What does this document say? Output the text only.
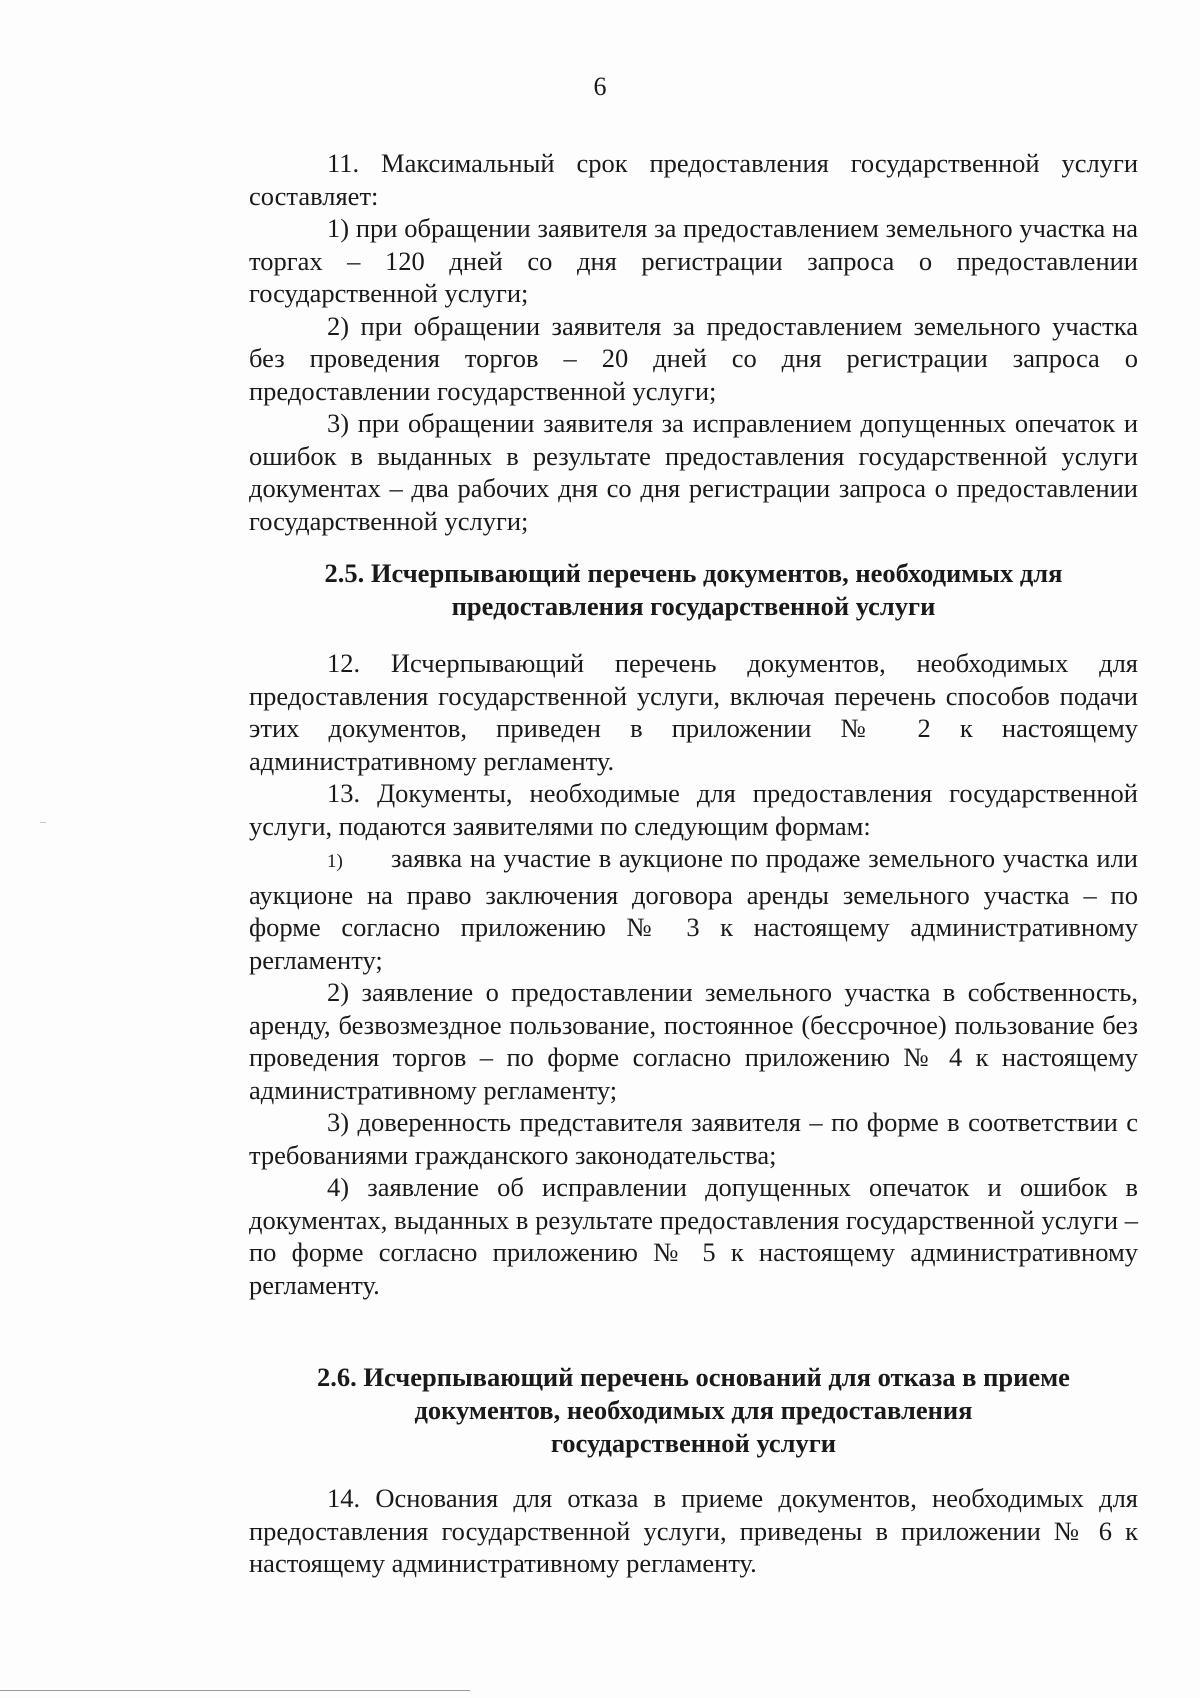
6

11. Максимальный срок предоставления государственной услуги составляет:

1) при обращении заявителя за предоставлением земельного участка на торгах – 120 дней со дня регистрации запроса о предоставлении государственной услуги;

2) при обращении заявителя за предоставлением земельного участка без проведения торгов – 20 дней со дня регистрации запроса о предоставлении государственной услуги;

3) при обращении заявителя за исправлением допущенных опечаток и ошибок в выданных в результате предоставления государственной услуги документах – два рабочих дня со дня регистрации запроса о предоставлении государственной услуги;

2.5. Исчерпывающий перечень документов, необходимых для
предоставления государственной услуги

12. Исчерпывающий перечень документов, необходимых для предоставления государственной услуги, включая перечень способов подачи этих документов, приведен в приложении № 2 к настоящему административному регламенту.

13. Документы, необходимые для предоставления государственной услуги, подаются заявителями по следующим формам:

1) заявка на участие в аукционе по продаже земельного участка или аукционе на право заключения договора аренды земельного участка – по форме согласно приложению № 3 к настоящему административному регламенту;

2) заявление о предоставлении земельного участка в собственность, аренду, безвозмездное пользование, постоянное (бессрочное) пользование без проведения торгов – по форме согласно приложению № 4 к настоящему административному регламенту;

3) доверенность представителя заявителя – по форме в соответствии с требованиями гражданского законодательства;

4) заявление об исправлении допущенных опечаток и ошибок в документах, выданных в результате предоставления государственной услуги – по форме согласно приложению № 5 к настоящему административному регламенту.

2.6. Исчерпывающий перечень оснований для отказа в приеме
документов, необходимых для предоставления
государственной услуги

14. Основания для отказа в приеме документов, необходимых для предоставления государственной услуги, приведены в приложении № 6 к настоящему административному регламенту.
